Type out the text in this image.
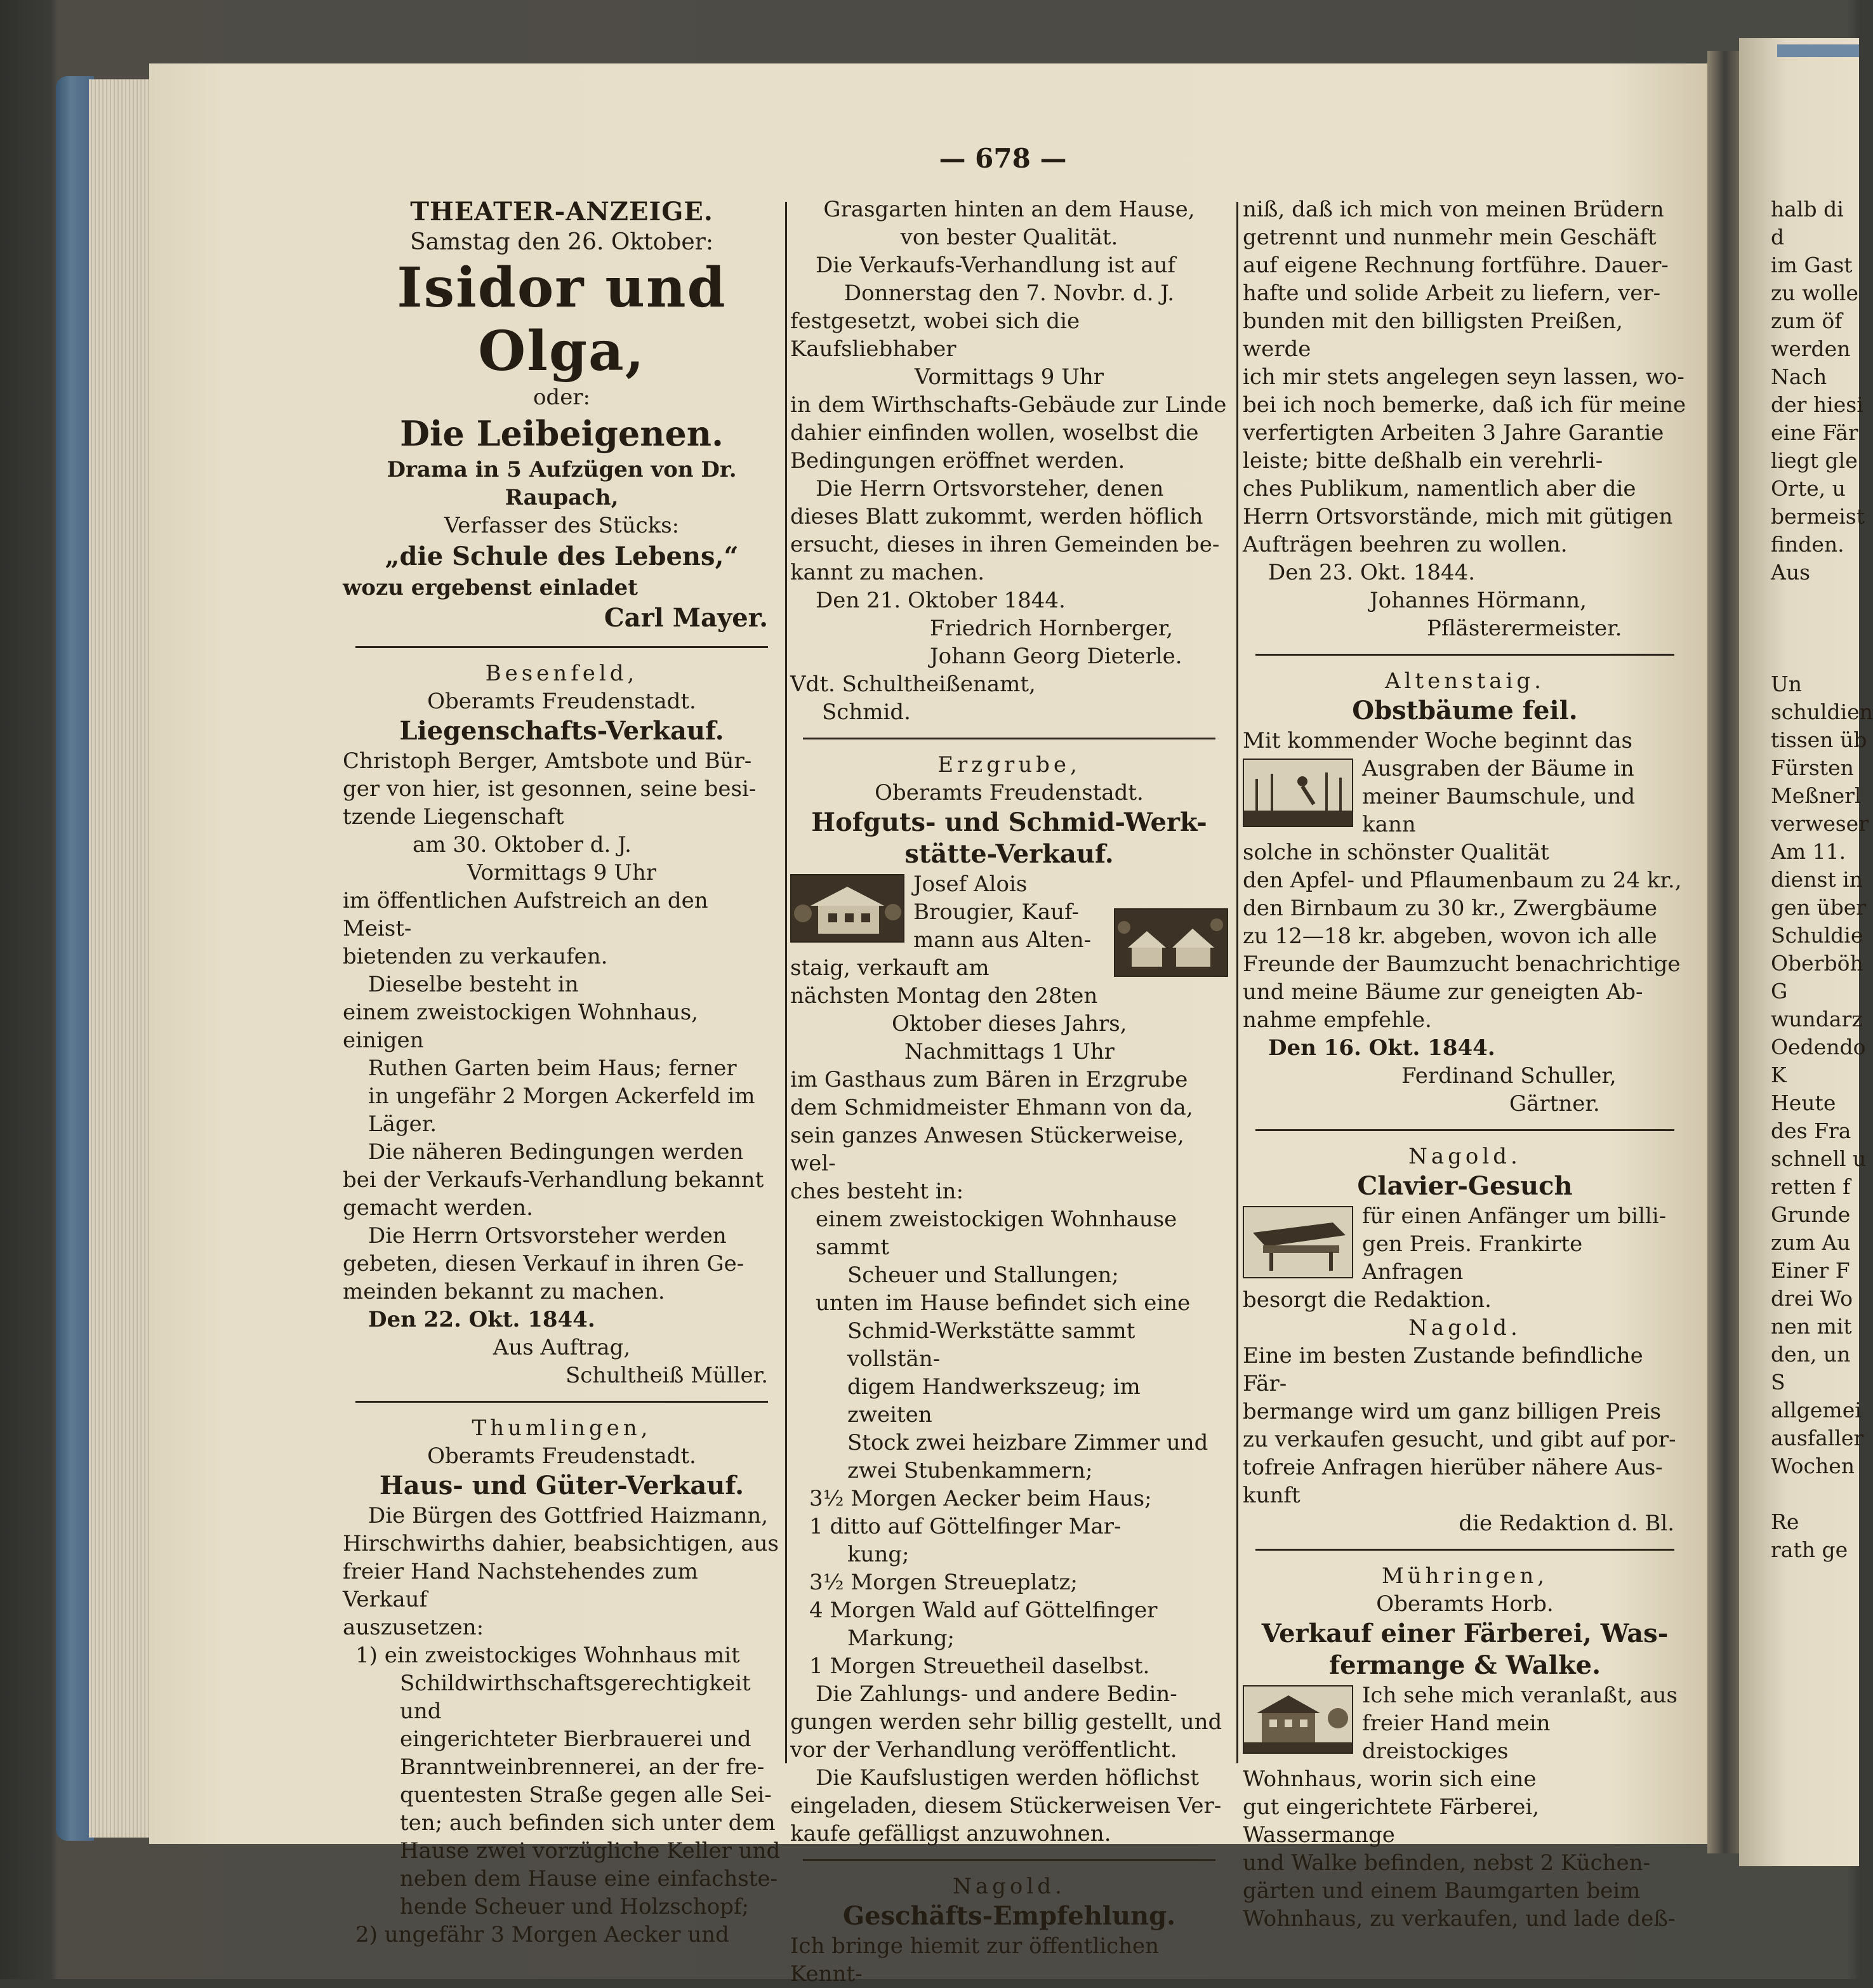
— 678 —

THEATER-ANZEIGE.

Samstag den 26. Oktober:

Isidor und Olga,

oder:

Die Leibeigenen.

Drama in 5 Aufzügen von Dr. Raupach,

Verfasser des Stücks:

„die Schule des Lebens,“

wozu ergebenst einladet

Carl Mayer.

Besenfeld,

Oberamts Freudenstadt.

Liegenschafts-Verkauf.

Christoph Berger, Amtsbote und Bür-

ger von hier, ist gesonnen, seine besi-

tzende Liegenschaft

am 30. Oktober d. J.

Vormittags 9 Uhr

im öffentlichen Aufstreich an den Meist-

bietenden zu verkaufen.

Dieselbe besteht in

einem zweistockigen Wohnhaus, einigen

Ruthen Garten beim Haus; ferner

in ungefähr 2 Morgen Ackerfeld im

Läger.

Die näheren Bedingungen werden

bei der Verkaufs-Verhandlung bekannt

gemacht werden.

Die Herrn Ortsvorsteher werden

gebeten, diesen Verkauf in ihren Ge-

meinden bekannt zu machen.

Den 22. Okt. 1844.

Aus Auftrag,

Schultheiß Müller.

Thumlingen,

Oberamts Freudenstadt.

Haus- und Güter-Verkauf.

Die Bürgen des Gottfried Haizmann,

Hirschwirths dahier, beabsichtigen, aus

freier Hand Nachstehendes zum Verkauf

auszusetzen:

1) ein zweistockiges Wohnhaus mit

Schildwirthschaftsgerechtigkeit und

eingerichteter Bierbrauerei und

Branntweinbrennerei, an der fre-

quentesten Straße gegen alle Sei-

ten; auch befinden sich unter dem

Hause zwei vorzügliche Keller und

neben dem Hause eine einfachste-

hende Scheuer und Holzschopf;

2) ungefähr 3 Morgen Aecker und

Grasgarten hinten an dem Hause,

von bester Qualität.

Die Verkaufs-Verhandlung ist auf

Donnerstag den 7. Novbr. d. J.

festgesetzt, wobei sich die Kaufsliebhaber

Vormittags 9 Uhr

in dem Wirthschafts-Gebäude zur Linde

dahier einfinden wollen, woselbst die

Bedingungen eröffnet werden.

Die Herrn Ortsvorsteher, denen

dieses Blatt zukommt, werden höflich

ersucht, dieses in ihren Gemeinden be-

kannt zu machen.

Den 21. Oktober 1844.

Friedrich Hornberger,

Johann Georg Dieterle.

Vdt. Schultheißenamt,

Schmid.

Erzgrube,

Oberamts Freudenstadt.

Hofguts- und Schmid-Werk-

stätte-Verkauf.

Josef Alois Brougier, Kauf-

mann aus Alten-

staig, verkauft am

nächsten Montag den 28ten

Oktober dieses Jahrs,

Nachmittags 1 Uhr

im Gasthaus zum Bären in Erzgrube

dem Schmidmeister Ehmann von da,

sein ganzes Anwesen Stückerweise, wel-

ches besteht in:

einem zweistockigen Wohnhause sammt

Scheuer und Stallungen;

unten im Hause befindet sich eine

Schmid-Werkstätte sammt vollstän-

digem Handwerkszeug; im zweiten

Stock zwei heizbare Zimmer und

zwei Stubenkammern;

3½ Morgen Aecker beim Haus;

1 ditto auf Göttelfinger Mar-

kung;

3½ Morgen Streueplatz;

4 Morgen Wald auf Göttelfinger

Markung;

1 Morgen Streuetheil daselbst.

Die Zahlungs- und andere Bedin-

gungen werden sehr billig gestellt, und

vor der Verhandlung veröffentlicht.

Die Kaufslustigen werden höflichst

eingeladen, diesem Stückerweisen Ver-

kaufe gefälligst anzuwohnen.

Nagold.

Geschäfts-Empfehlung.

Ich bringe hiemit zur öffentlichen Kennt-

niß, daß ich mich von meinen Brüdern

getrennt und nunmehr mein Geschäft

auf eigene Rechnung fortführe. Dauer-

hafte und solide Arbeit zu liefern, ver-

bunden mit den billigsten Preißen, werde

ich mir stets angelegen seyn lassen, wo-

bei ich noch bemerke, daß ich für meine

verfertigten Arbeiten 3 Jahre Garantie

leiste; bitte deßhalb ein verehrli-

ches Publikum, namentlich aber die

Herrn Ortsvorstände, mich mit gütigen

Aufträgen beehren zu wollen.

Den 23. Okt. 1844.

Johannes Hörmann,

Pflästerermeister.

Altenstaig.

Obstbäume feil.

Mit kommender Woche beginnt das

Ausgraben der Bäume in

meiner Baumschule, und kann

solche in schönster Qualität

den Apfel- und Pflaumenbaum zu 24 kr.,

den Birnbaum zu 30 kr., Zwergbäume

zu 12—18 kr. abgeben, wovon ich alle

Freunde der Baumzucht benachrichtige

und meine Bäume zur geneigten Ab-

nahme empfehle.

Den 16. Okt. 1844.

Ferdinand Schuller,

Gärtner.

Nagold.

Clavier-Gesuch

für einen Anfänger um billi-

gen Preis. Frankirte Anfragen

besorgt die Redaktion.

Nagold.

Eine im besten Zustande befindliche Fär-

bermange wird um ganz billigen Preis

zu verkaufen gesucht, und gibt auf por-

tofreie Anfragen hierüber nähere Aus-

kunft

die Redaktion d. Bl.

Mühringen,

Oberamts Horb.

Verkauf einer Färberei, Was-

fermange & Walke.

Ich sehe mich veranlaßt, aus

freier Hand mein dreistockiges

Wohnhaus, worin sich eine

gut eingerichtete Färberei, Wassermange

und Walke befinden, nebst 2 Küchen-

gärten und einem Baumgarten beim

Wohnhaus, zu verkaufen, und lade deß-

halb di
d
im Gast
zu wolle
zum öf
werden
Nach
der hiesi
eine Fär
liegt gle
Orte, u
bermeist
finden.
Aus

Un
schuldien
tissen üb
Fürsten
Meßnerl
verweser
Am 11.
dienst in
gen über
Schuldie
Oberböh
G
wundarz
Oedendo
K
Heute
des Fra
schnell u
retten f
Grunde
zum Au
Einer F
drei Wo
nen mit
den, un
S
allgemei
ausfaller
Wochen

Re
rath ge
